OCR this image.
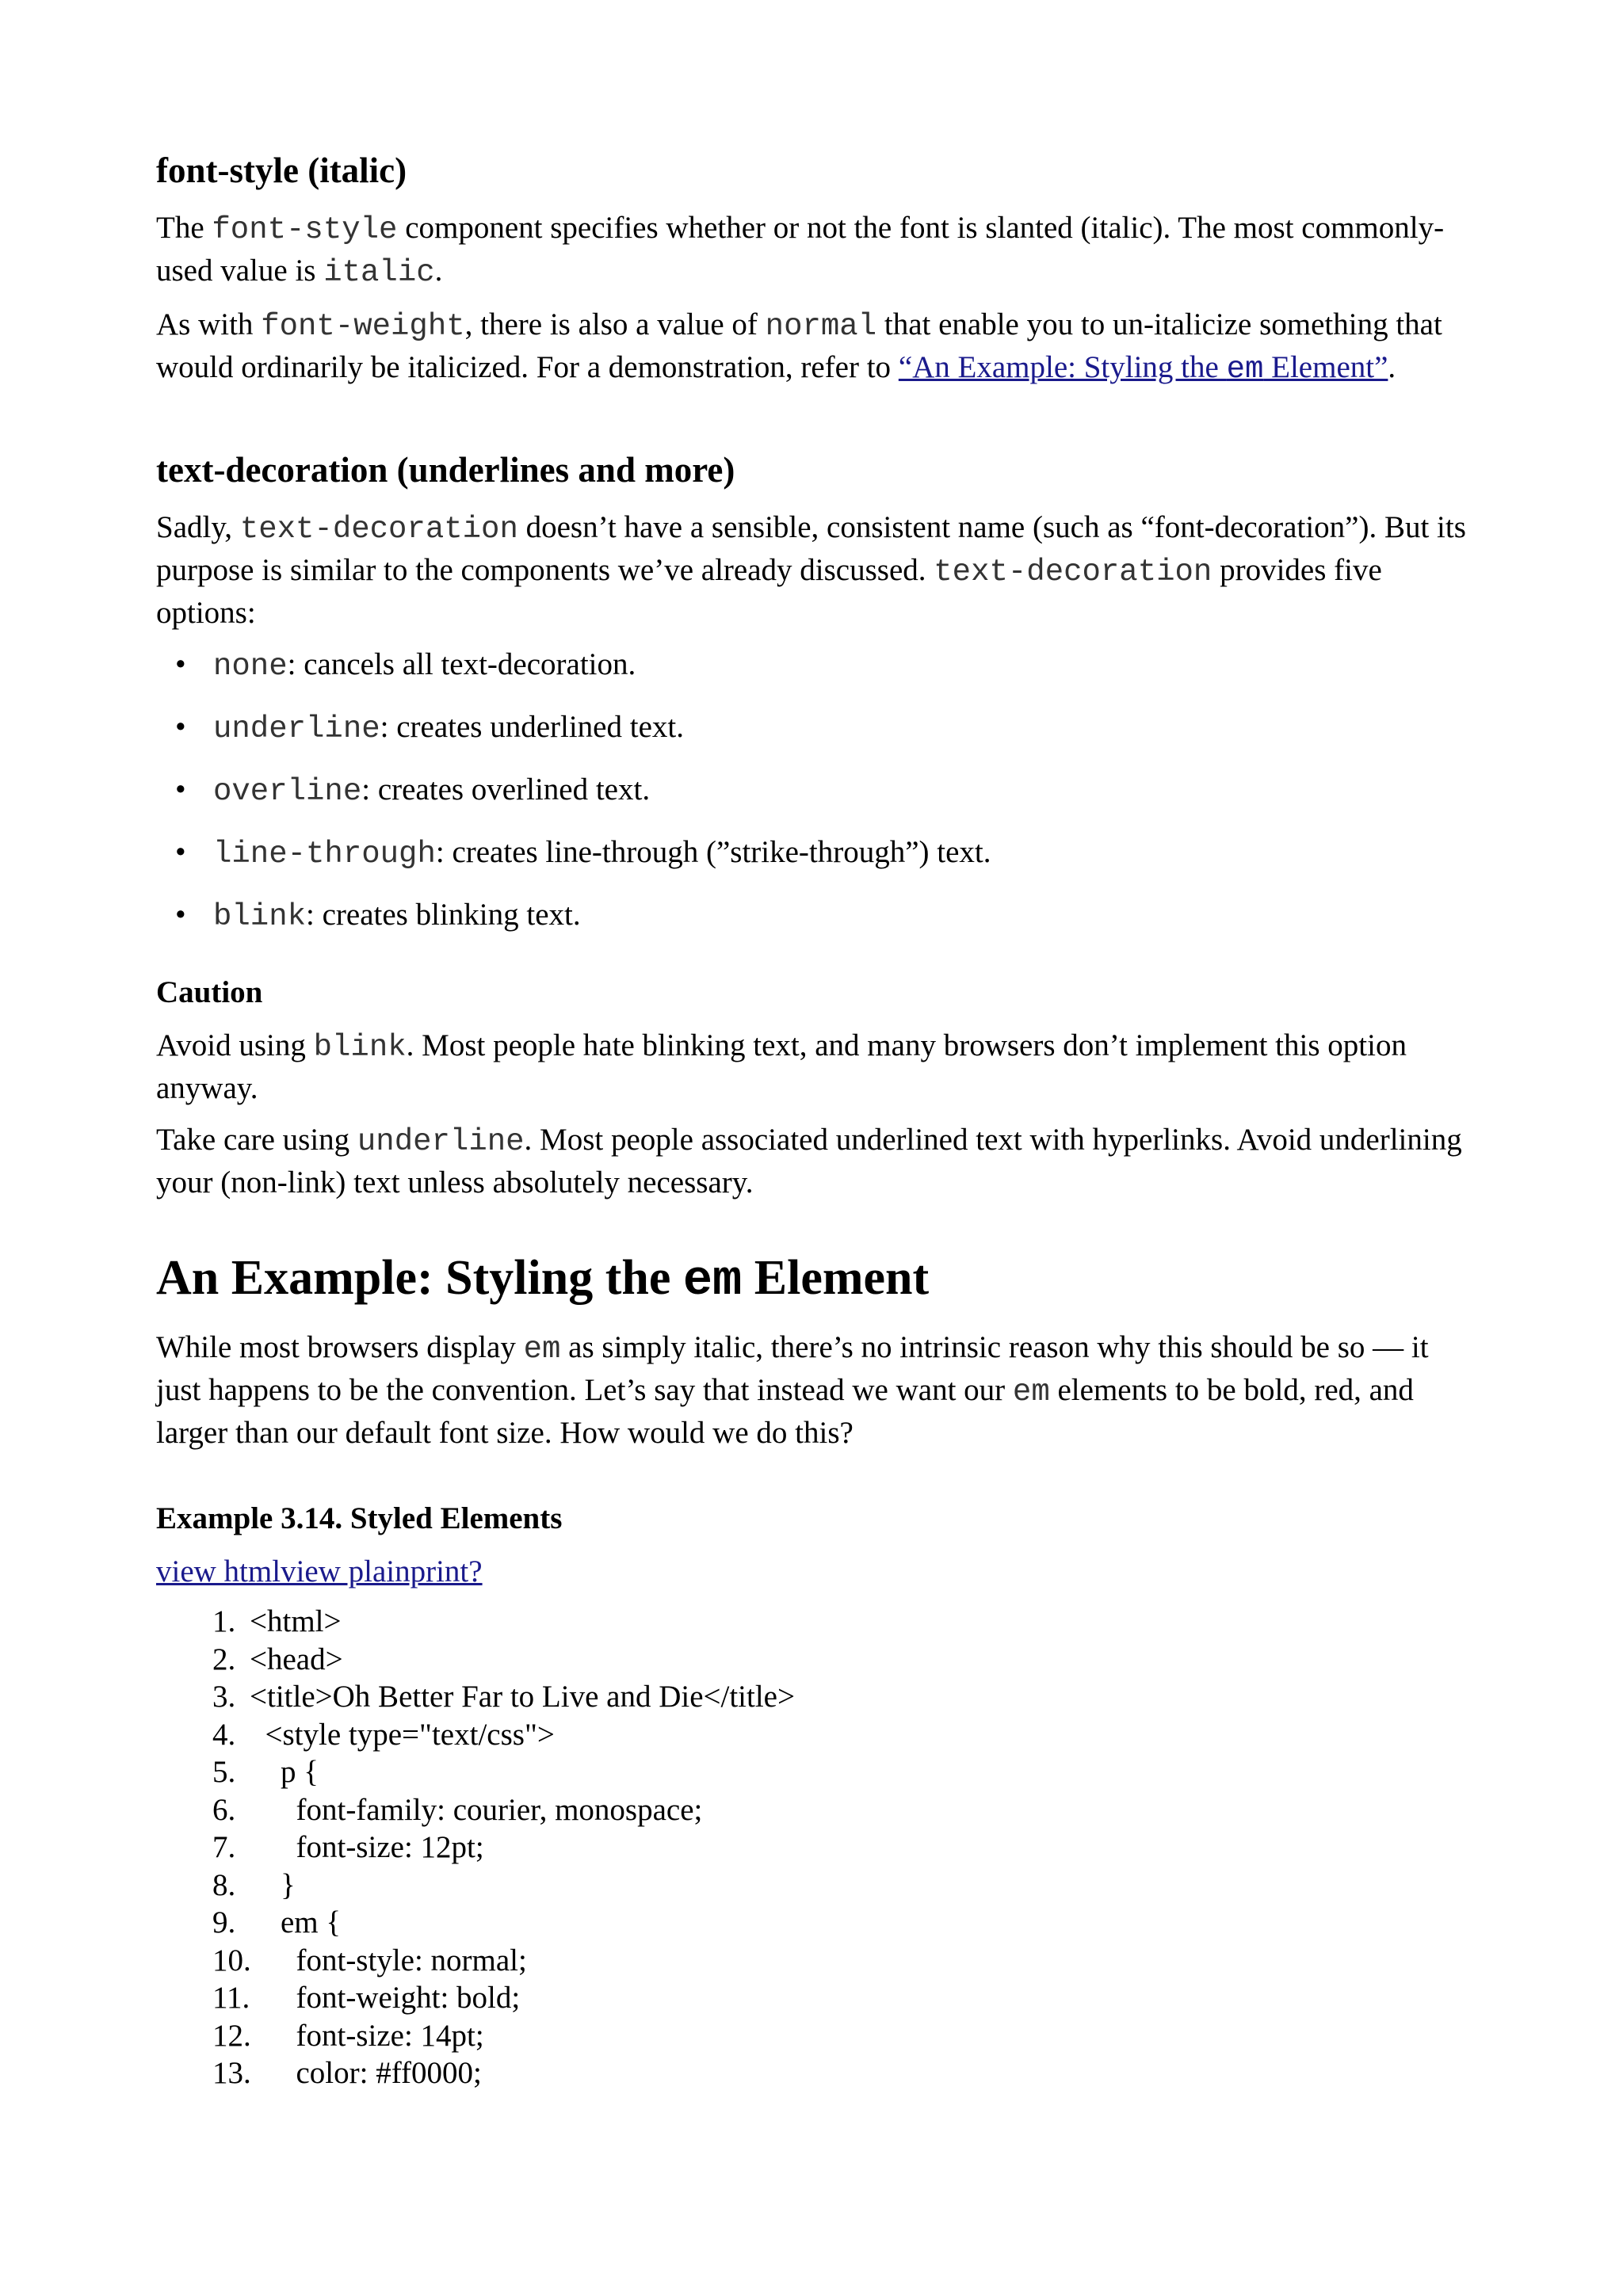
font-style (italic)

The font-style component specifies whether or not the font is slanted (italic). The most commonly-used value is italic.

As with font-weight, there is also a value of normal that enable you to un-italicize something that would ordinarily be italicized. For a demonstration, refer to “An Example: Styling the em Element”.

text-decoration (underlines and more)

Sadly, text-decoration doesn’t have a sensible, consistent name (such as “font-decoration”). But its purpose is similar to the components we’ve already discussed. text-decoration provides five options:

• none: cancels all text-decoration.
• underline: creates underlined text.
• overline: creates overlined text.
• line-through: creates line-through (”strike-through”) text.
• blink: creates blinking text.
Caution

Avoid using blink. Most people hate blinking text, and many browsers don’t implement this option anyway.

Take care using underline. Most people associated underlined text with hyperlinks. Avoid underlining your (non-link) text unless absolutely necessary.

An Example: Styling the em Element

While most browsers display em as simply italic, there’s no intrinsic reason why this should be so — it just happens to be the convention. Let’s say that instead we want our em elements to be bold, red, and larger than our default font size. How would we do this?

Example 3.14. Styled Elements

view htmlview plainprint?

1. <html>
2. <head>
3. <title>Oh Better Far to Live and Die</title>
4. <style type="text/css">
5. p {
6. font-family: courier, monospace;
7. font-size: 12pt;
8. }
9. em {
10.
font-style: normal;
11. font-weight: bold;
12.
font-size: 14pt;
13.
color: #ff0000;
